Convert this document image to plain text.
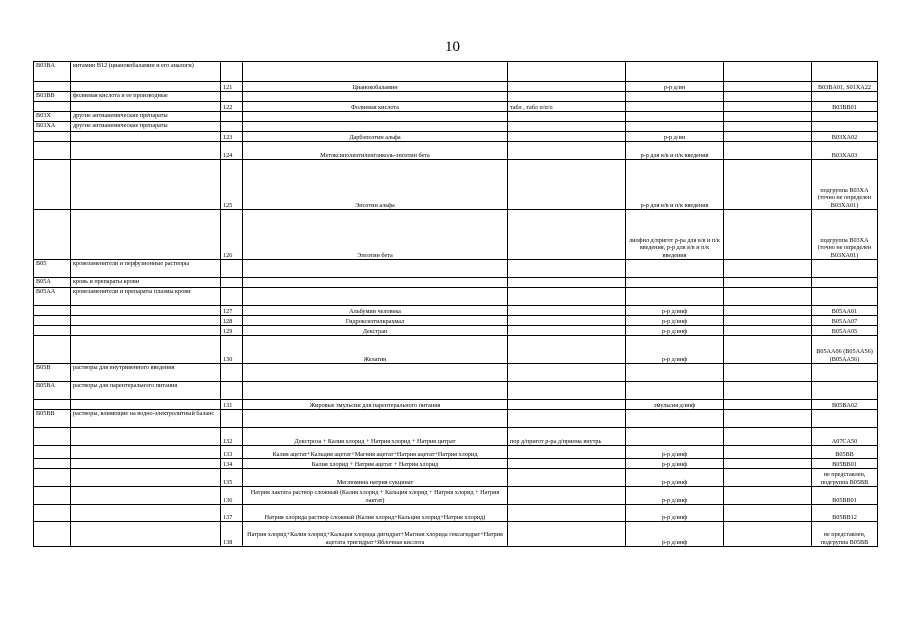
10
B03BA	витамин В12 (цианокобаламин и его аналоги)						
		121	Цианокобаламин		р-р д/ин		B03BA01, S01XA22
B03BB	фолиевая кислота и ее производные						
		122	Фолиевая кислота	табл , табл п/п/о			B03BB01
B03X	другие антианемические препараты						
B03XA	другие антианемические препараты						
		123	Дарбэпоэтин альфа		р-р д/ин		B03XA02
		124	Метоксиполиэтиленгликоль-эпоэтин бета		р-р для в/в и п/к введения		B03XA03
		125	Эпоэтин альфа		р-р для в/в и п/к введения		подгруппа B03XA (точно не определен B03XA01)
		126	Эпоэтин бета		лиофил д/пригот р-ра для в/в и п/к введения, р-р для в/в и п/к введения		подгруппа B03XA (точно не определен B03XA01)
B05	кровезаменители и перфузионные растворы						
B05A	кровь и препараты крови						
B05AA	кровезаменители и препараты плазмы крови						
		127	Альбумин человека		р-р д/инф		B05AA01
		128	Гидроксиэтилкрахмал		р-р д/инф		B05AA07
		129	Декстран		р-р д/инф		B05AA05
		130	Желатин		р-р д/инф		B05AA06 (B05AA56) (B05AA56)
B05B	растворы для внутривенного введения						
B05BA	растворы для парентерального питания						
		131	Жировые эмульсии для парентерального питания		эмульсия д/инф		B05BA02
B05BB	растворы, влияющие на водно-электролитный баланс						
		132	Декстроза + Калия хлорид + Натрия хлорид + Натрия цитрат	пор д/пригот р-ра д/приема внутрь			A07CA50
		133	Калия ацетат+Кальция ацетат+Магния ацетат+Натрия ацетат+Натрия хлорид		р-р д/инф		B05BB
		134	Калия хлорид + Натрия ацетат + Натрия хлорид		р-р д/инф		B05BB01
		135	Меглюмина натрия сукцинат		р-р д/инф		не представлен, подгруппа B05BB
		136	Натрия лактата раствор сложный (Калия хлорид + Кальция хлорид + Натрия хлорид + Натрия лактат)		р-р д/инф		B05BB01
		137	Натрия хлорида раствор сложный (Калия хлорид+Кальция хлорид+Натрия хлорид)		р-р д/инф		B05BB12
		138	Натрия хлорид+Калия хлорид+Кальция хлорида дигидрат+Магния хлорида гексагидрат+Натрия ацетата тригидрат+Яблочная кислота		р-р д/инф		не представлен, подгруппа B05BB
